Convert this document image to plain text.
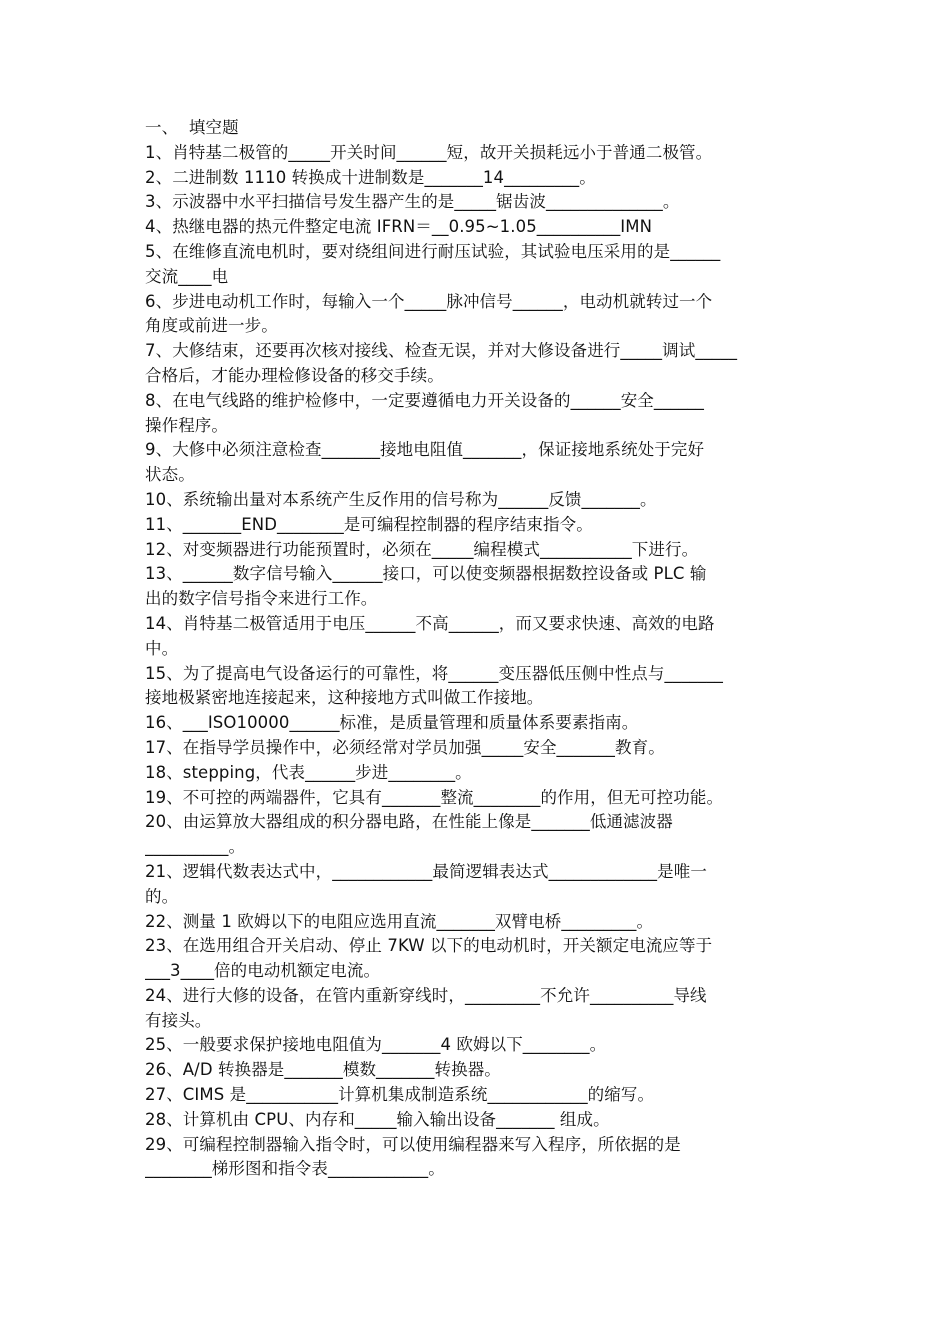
一、  填空题
1、肖特基二极管的_____开关时间______短，故开关损耗远小于普通二极管。
2、二进制数 1110 转换成十进制数是_______14_________。
3、示波器中水平扫描信号发生器产生的是_____锯齿波______________。
4、热继电器的热元件整定电流 IFRN＝__0.95~1.05__________IMN
5、在维修直流电机时，要对绕组间进行耐压试验，其试验电压采用的是______
交流____电
6、步进电动机工作时，每输入一个_____脉冲信号______，电动机就转过一个
角度或前进一步。
7、大修结束，还要再次核对接线、检查无误，并对大修设备进行_____调试_____
合格后，才能办理检修设备的移交手续。
8、在电气线路的维护检修中，一定要遵循电力开关设备的______安全______
操作程序。
9、大修中必须注意检查_______接地电阻值_______，保证接地系统处于完好
状态。
10、系统输出量对本系统产生反作用的信号称为______反馈_______。
11、_______END________是可编程控制器的程序结束指令。
12、对变频器进行功能预置时，必须在_____编程模式___________下进行。
13、______数字信号输入______接口，可以使变频器根据数控设备或 PLC 输
出的数字信号指令来进行工作。
14、肖特基二极管适用于电压______不高______，而又要求快速、高效的电路
中。
15、为了提高电气设备运行的可靠性，将______变压器低压侧中性点与_______
接地极紧密地连接起来，这种接地方式叫做工作接地。
16、___ISO10000______标准，是质量管理和质量体系要素指南。
17、在指导学员操作中，必须经常对学员加强_____安全_______教育。
18、stepping，代表______步进________。
19、不可控的两端器件，它具有_______整流________的作用，但无可控功能。
20、由运算放大器组成的积分器电路，在性能上像是_______低通滤波器
__________。
21、逻辑代数表达式中，____________最简逻辑表达式_____________是唯一
的。
22、测量 1 欧姆以下的电阻应选用直流_______双臂电桥_________。
23、在选用组合开关启动、停止 7KW 以下的电动机时，开关额定电流应等于
___3____倍的电动机额定电流。
24、进行大修的设备，在管内重新穿线时，_________不允许__________导线
有接头。
25、一般要求保护接地电阻值为_______4 欧姆以下________。
26、A/D 转换器是_______模数_______转换器。
27、CIMS 是___________计算机集成制造系统____________的缩写。
28、计算机由 CPU、内存和_____输入输出设备_______ 组成。
29、可编程控制器输入指令时，可以使用编程器来写入程序，所依据的是
________梯形图和指令表____________。
